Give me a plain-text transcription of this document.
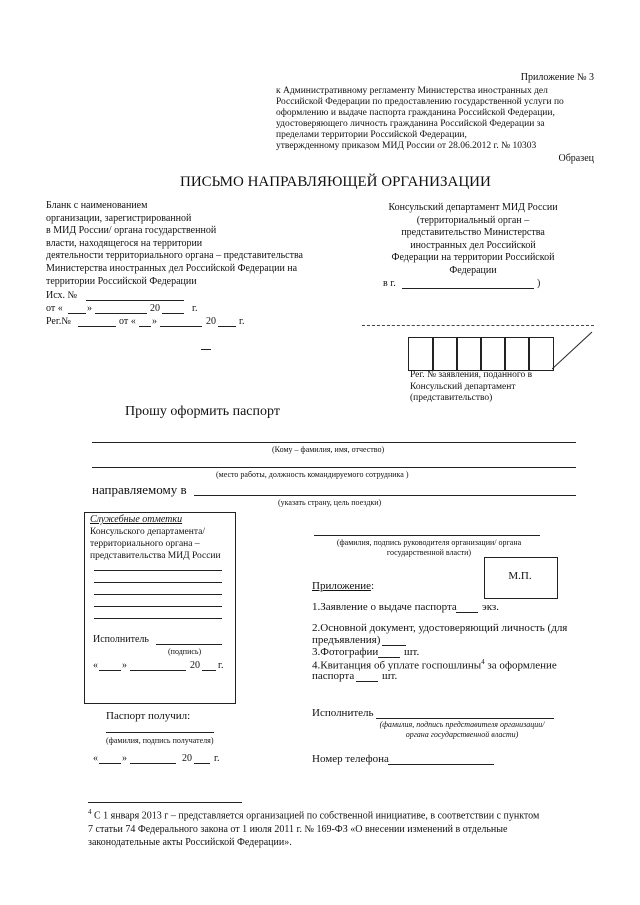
Приложение № 3
к Административному регламенту Министерства иностранных дел
Российской Федерации по предоставлению государственной услуги по
оформлению и выдаче паспорта гражданина Российской Федерации,
удостоверяющего личность гражданина Российской Федерации за
пределами территории Российской Федерации,
утвержденному приказом МИД России от 28.06.2012 г. № 10303
Образец
ПИСЬМО НАПРАВЛЯЮЩЕЙ ОРГАНИЗАЦИИ
Бланк с наименованием
организации, зарегистрированной
в МИД России/ органа государственной
власти, находящегося на территории
деятельности территориального органа – представительства
Министерства иностранных дел Российской Федерации на
территории Российской Федерации
Консульский департамент МИД России
(территориальный орган –
представительство Министерства
иностранных дел Российской
Федерации на территории Российской
Федерации
в г.	)
Исх. №
от « »	20	г.
Рег.№	от « »	20 г.
Рег. № заявления, поданного в
Консульский департамент
(представительство)
Прошу оформить паспорт
(Кому – фамилия, имя, отчество)
(место работы, должность командируемого сотрудника )
направляемому в
(указать страну, цель поездки)
Служебные отметки
Консульского департамента/
территориального органа –
представительства МИД России
Исполнитель
(подпись)
« »	20 г.
(фамилия, подпись руководителя организации/ органа
государственной власти)
М.П.
Приложение:
1.Заявление о выдаче паспорта экз.
2.Основной документ, удостоверяющий личность (для
предъявления)
3.Фотографии шт.
4.Квитанция об уплате госпошлины$^4$ за оформление
паспорта	шт.
Паспорт получил:
(фамилия, подпись получателя)
« »	20 г.
Исполнитель
(фамилия, подпись представителя организации/
органа государственной власти)
Номер телефона
$^4$ С 1 января 2013 г – представляется организацией по собственной инициативе, в соответствии с пунктом
7 статьи 74 Федерального закона от 1 июля 2011 г. № 169-ФЗ «О внесении изменений в отдельные
законодательные акты Российской Федерации».
